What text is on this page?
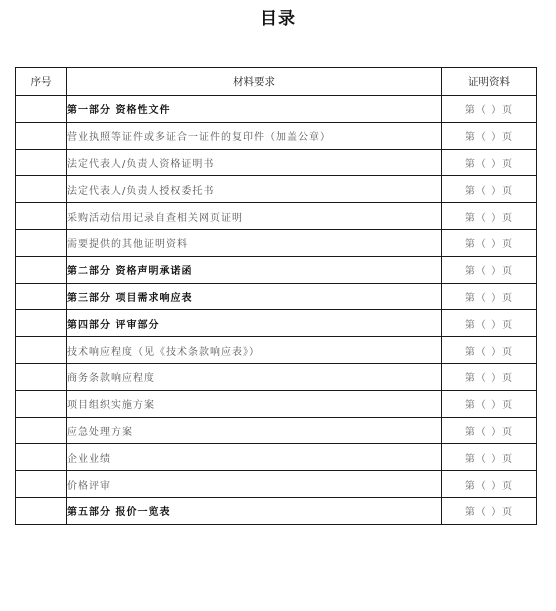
目录
序号	材料要求	证明资料
	第一部分 资格性文件	第（ ）页
	营业执照等证件或多证合一证件的复印件（加盖公章）	第（ ）页
	法定代表人/负责人资格证明书	第（ ）页
	法定代表人/负责人授权委托书	第（ ）页
	采购活动信用记录自查相关网页证明	第（ ）页
	需要提供的其他证明资料	第（ ）页
	第二部分 资格声明承诺函	第（ ）页
	第三部分 项目需求响应表	第（ ）页
	第四部分 评审部分	第（ ）页
	技术响应程度（见《技术条款响应表》）	第（ ）页
	商务条款响应程度	第（ ）页
	项目组织实施方案	第（ ）页
	应急处理方案	第（ ）页
	企业业绩	第（ ）页
	价格评审	第（ ）页
	第五部分 报价一览表	第（ ）页
